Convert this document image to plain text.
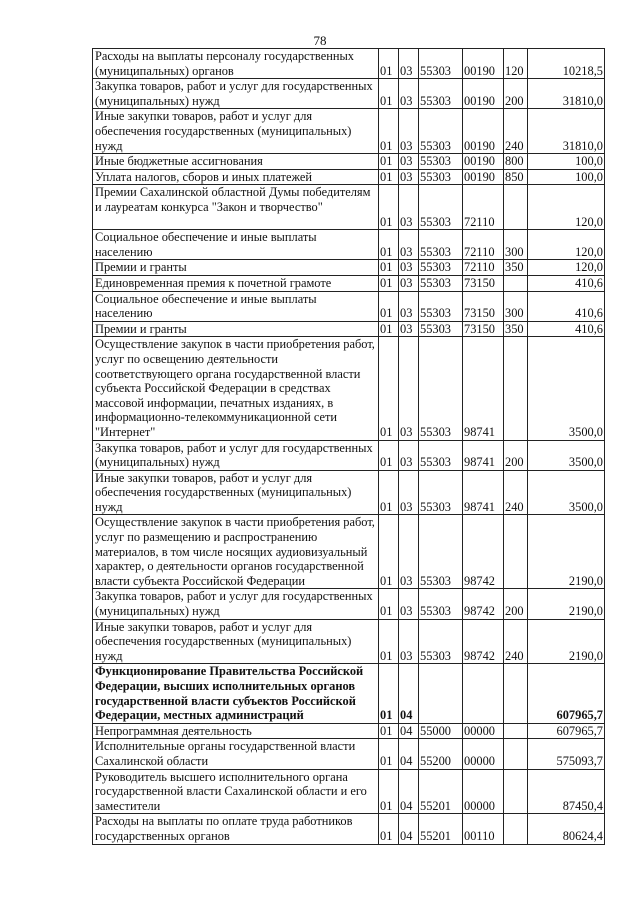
78
Расходы на выплаты персоналу государственных (муниципальных) органов	01	03	55303	00190	120	10218,5

Закупка товаров, работ и услуг для государственных (муниципальных) нужд	01	03	55303	00190	200	31810,0

Иные закупки товаров, работ и услуг для обеспечения государственных (муниципальных) нужд	01	03	55303	00190	240	31810,0

Иные бюджетные ассигнования	01	03	55303	00190	800	100,0

Уплата налогов, сборов и иных платежей	01	03	55303	00190	850	100,0

Премии Сахалинской областной Думы победителям и лауреатам конкурса "Закон и творчество"	01	03	55303	72110		120,0

Социальное обеспечение и иные выплаты населению	01	03	55303	72110	300	120,0

Премии и гранты	01	03	55303	72110	350	120,0

Единовременная премия к почетной грамоте	01	03	55303	73150		410,6

Социальное обеспечение и иные выплаты населению	01	03	55303	73150	300	410,6

Премии и гранты	01	03	55303	73150	350	410,6

Осуществление закупок в части приобретения работ, услуг по освещению деятельности соответствующего органа государственной власти субъекта Российской Федерации в средствах массовой информации, печатных изданиях, в информационно-телекоммуникационной сети "Интернет"	01	03	55303	98741		3500,0

Закупка товаров, работ и услуг для государственных (муниципальных) нужд	01	03	55303	98741	200	3500,0

Иные закупки товаров, работ и услуг для обеспечения государственных (муниципальных) нужд	01	03	55303	98741	240	3500,0

Осуществление закупок в части приобретения работ, услуг по размещению и распространению материалов, в том числе носящих аудиовизуальный характер, о деятельности органов государственной власти субъекта Российской Федерации	01	03	55303	98742		2190,0

Закупка товаров, работ и услуг для государственных (муниципальных) нужд	01	03	55303	98742	200	2190,0

Иные закупки товаров, работ и услуг для обеспечения государственных (муниципальных) нужд	01	03	55303	98742	240	2190,0

Функционирование Правительства Российской Федерации, высших исполнительных органов государственной власти субъектов Российской Федерации, местных администраций	01	04				607965,7

Непрограммная деятельность	01	04	55000	00000		607965,7

Исполнительные органы государственной власти Сахалинской области	01	04	55200	00000		575093,7

Руководитель высшего исполнительного органа государственной власти Сахалинской области и его заместители	01	04	55201	00000		87450,4

Расходы на выплаты по оплате труда работников государственных органов	01	04	55201	00110		80624,4
